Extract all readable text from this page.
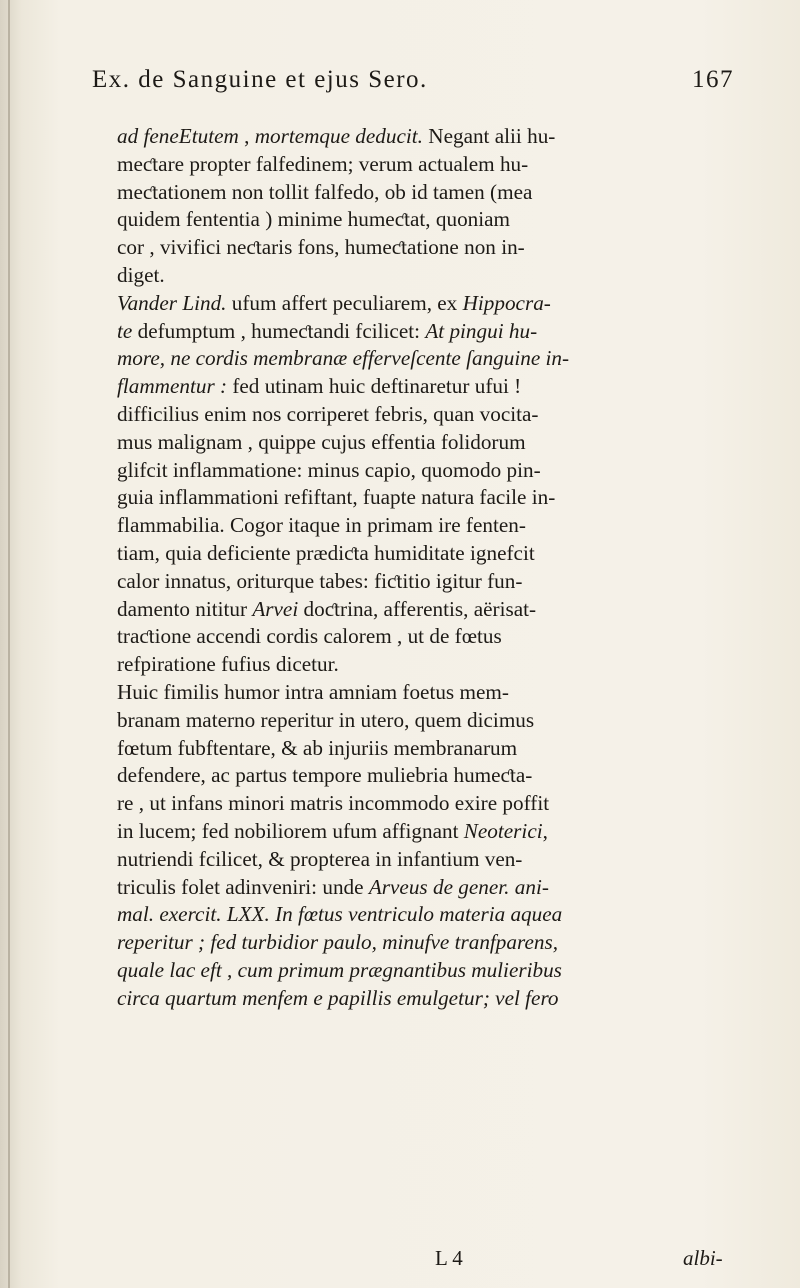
Ex. de Sanguine et ejus Sero.	167
ad feneEtutem , mortemque deducit. Negant alii hu-
meƈtare propter falfedinem; verum actualem hu-
meƈtationem non tollit falfedo, ob id tamen (mea
quidem fententia ) minime humeƈtat, quoniam
cor , vivifici neƈtaris fons, humeƈtatione non in-
diget.
Vander Lind. ufum affert peculiarem, ex Hippocra-
te defumptum , humeƈtandi fcilicet: At pingui hu-
more, ne cordis membranæ efferveſcente ſanguine in-
flammentur : fed utinam huic deftinaretur ufui !
difficilius enim nos corriperet febris, quan vocita-
mus malignam , quippe cujus effentia folidorum
glifcit inflammatione: minus capio, quomodo pin-
guia inflammationi refiftant, fuapte natura facile in-
flammabilia. Cogor itaque in primam ire fenten-
tiam, quia deficiente prædiƈta humiditate ignefcit
calor innatus, oriturque tabes: fiƈtitio igitur fun-
damento nititur Arvei doƈtrina, afferentis, aërisat-
traƈtione accendi cordis calorem , ut de fœtus
refpiratione fufius dicetur.
Huic fimilis humor intra amniam foetus mem-
branam materno reperitur in utero, quem dicimus
fœtum fubftentare, & ab injuriis membranarum
defendere, ac partus tempore muliebria humeƈta-
re , ut infans minori matris incommodo exire poffit
in lucem; fed nobiliorem ufum affignant Neoterici,
nutriendi fcilicet, & propterea in infantium ven-
triculis folet adinveniri: unde Arveus de gener. ani-
mal. exercit. LXX. In fœtus ventriculo materia aquea
reperitur ; fed turbidior paulo, minufve tranfparens,
quale lac eft , cum primum prægnantibus mulieribus
circa quartum menfem e papillis emulgetur; vel fero
L 4	albi-
